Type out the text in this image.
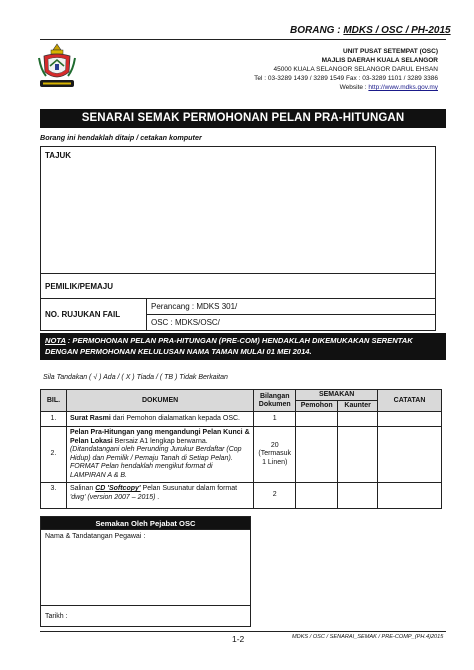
BORANG : MDKS / OSC / PH-2015
UNIT PUSAT SETEMPAT (OSC)
MAJLIS DAERAH KUALA SELANGOR
45000 KUALA SELANGOR SELANGOR DARUL EHSAN
Tel : 03-3289 1439 / 3289 1549 Fax : 03-3289 1101 / 3289 3386
Website : http://www.mdks.gov.my
SENARAI SEMAK PERMOHONAN PELAN PRA-HITUNGAN
Borang ini hendaklah ditaip / cetakan komputer
TAJUK
PEMILIK/PEMAJU
NO. RUJUKAN FAIL	Perancang : MDKS 301/
OSC : MDKS/OSC/
NOTA : PERMOHONAN PELAN PRA-HITUNGAN (PRE-COM) HENDAKLAH DIKEMUKAKAN SERENTAK DENGAN PERMOHONAN KELULUSAN NAMA TAMAN MULAI 01 MEI 2014.
Sila Tandakan ( √ ) Ada / ( X ) Tiada / ( TB ) Tidak Berkaitan
BIL.	DOKUMEN	Bilangan Dokumen	SEMAKAN		CATATAN
			Pemohon	Kaunter	
1.	Surat Rasmi dari Pemohon dialamatkan kepada OSC.	1			
2.	Pelan Pra-Hitungan yang mengandungi Pelan Kunci & Pelan Lokasi Bersaiz A1 lengkap berwarna. (Ditandatangani oleh Perunding Jurukur Berdaftar (Cop Hidup) dan Pemilik / Pemaju Tanah di Setiap Pelan). FORMAT Pelan hendaklah mengikut format di LAMPIRAN A & B.	20 (Termasuk 1 Linen)			
3.	Salinan CD 'Softcopy' Pelan Susunatur dalam format 'dwg' (version 2007 – 2015) .	2			
Semakan Oleh Pejabat OSC
Nama & Tandatangan Pegawai :
Tarikh :
1-2	MDKS / OSC / SENARAI_SEMAK / PRE-COMP_(PH.4)2015
